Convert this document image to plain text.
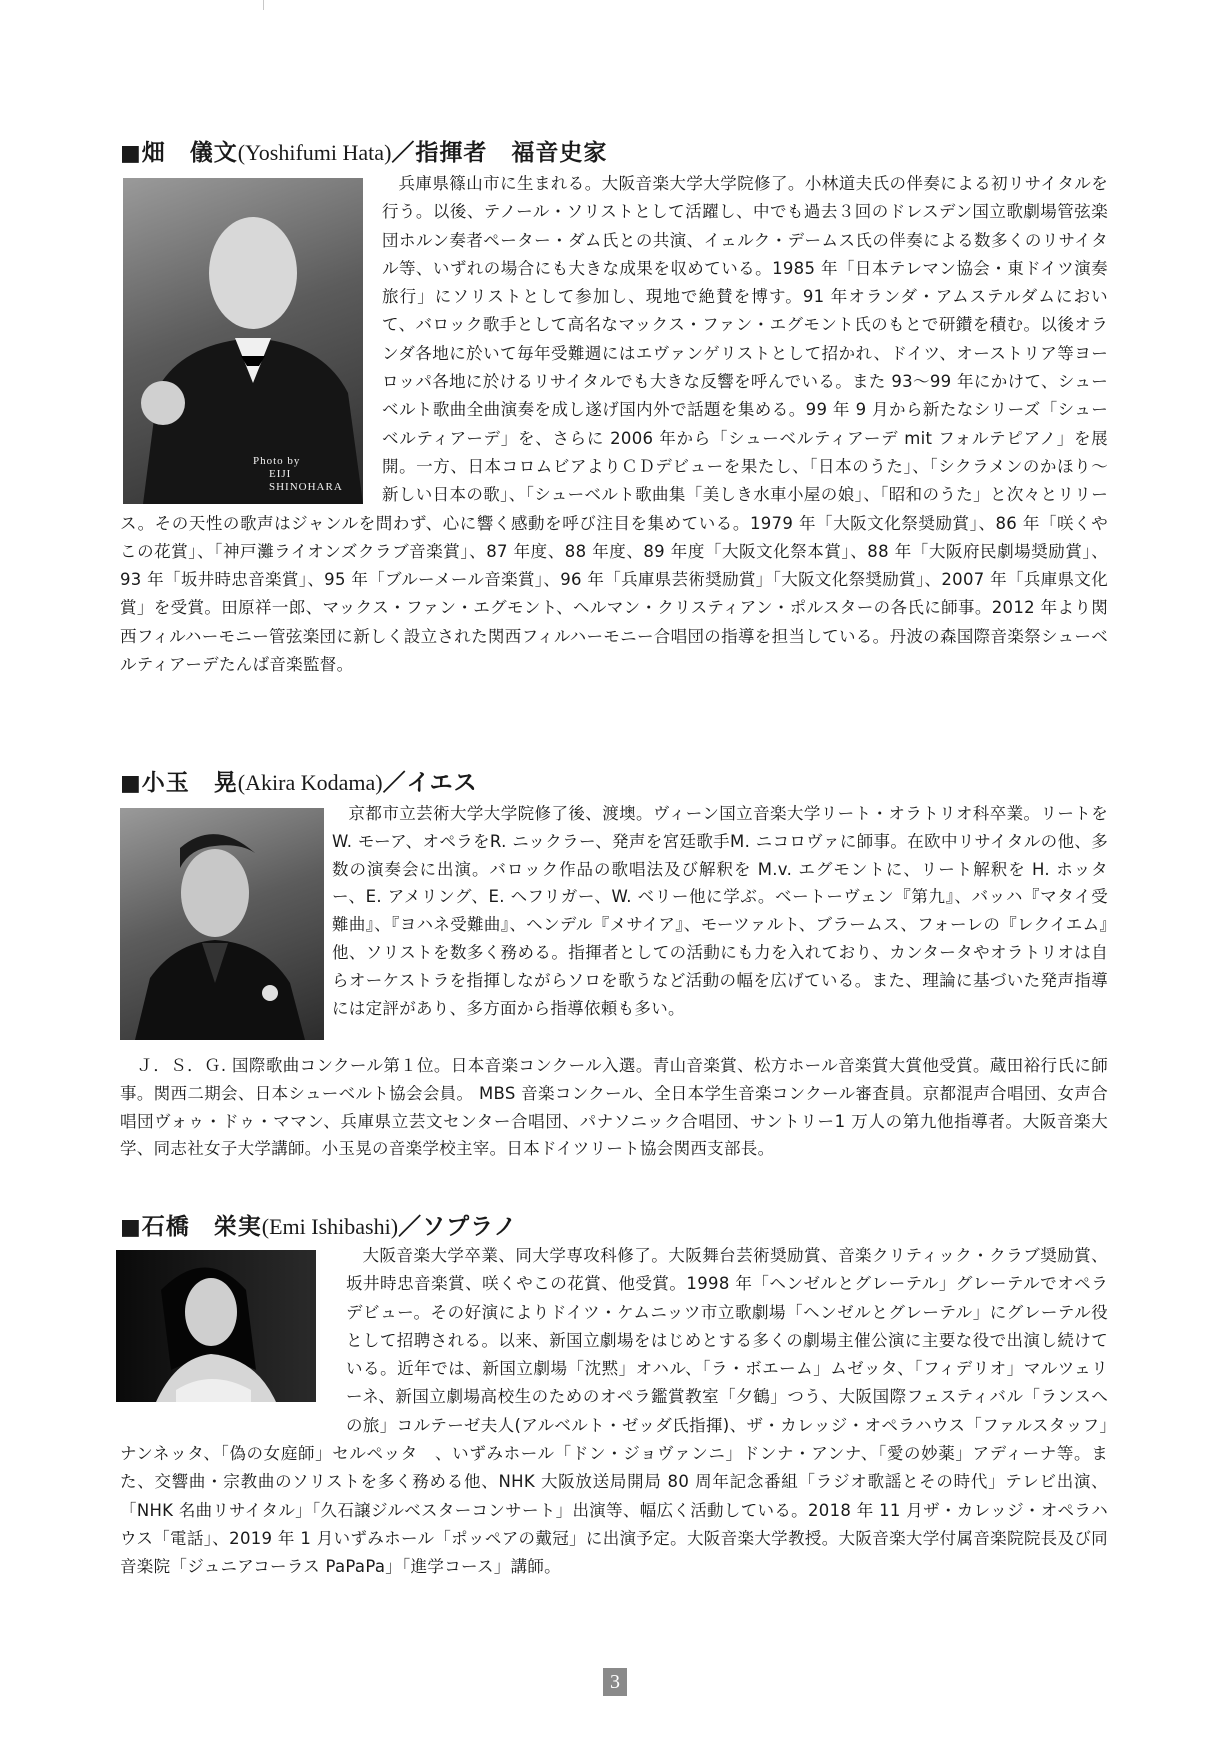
■畑　儀文(Yoshifumi Hata)／指揮者　福音史家
Photo by
EIJI SHINOHARA

兵庫県篠山市に生まれる。大阪音楽大学大学院修了。小林道夫氏の伴奏による初リサイタルを行う。以後、テノール・ソリストとして活躍し、中でも過去３回のドレスデン国立歌劇場管弦楽団ホルン奏者ペーター・ダム氏との共演、イェルク・デームス氏の伴奏による数多くのリサイタル等、いずれの場合にも大きな成果を収めている。1985 年「日本テレマン協会・東ドイツ演奏旅行」にソリストとして参加し、現地で絶賛を博す。91 年オランダ・アムステルダムにおいて、バロック歌手として高名なマックス・ファン・エグモント氏のもとで研鑚を積む。以後オランダ各地に於いて毎年受難週にはエヴァンゲリストとして招かれ、ドイツ、オーストリア等ヨーロッパ各地に於けるリサイタルでも大きな反響を呼んでいる。また 93～99 年にかけて、シューベルト歌曲全曲演奏を成し遂げ国内外で話題を集める。99 年 9 月から新たなシリーズ「シューベルティアーデ」を、さらに 2006 年から「シューベルティアーデ mit フォルテピアノ」を展開。一方、日本コロムビアよりＣＤデビューを果たし、「日本のうた」、「シクラメンのかほり～新しい日本の歌」、「シューベルト歌曲集「美しき水車小屋の娘」、「昭和のうた」と次々とリリース。その天性の歌声はジャンルを問わず、心に響く感動を呼び注目を集めている。1979 年「大阪文化祭奨励賞」、86 年「咲くやこの花賞」、「神戸灘ライオンズクラブ音楽賞」、87 年度、88 年度、89 年度「大阪文化祭本賞」、88 年「大阪府民劇場奨励賞」、93 年「坂井時忠音楽賞」、95 年「ブルーメール音楽賞」、96 年「兵庫県芸術奨励賞」「大阪文化祭奨励賞」、2007 年「兵庫県文化賞」を受賞。田原祥一郎、マックス・ファン・エグモント、ヘルマン・クリスティアン・ポルスターの各氏に師事。2012 年より関西フィルハーモニー管弦楽団に新しく設立された関西フィルハーモニー合唱団の指導を担当している。丹波の森国際音楽祭シューベルティアーデたんば音楽監督。

■小玉　晃(Akira Kodama)／イエス

京都市立芸術大学大学院修了後、渡墺。ヴィーン国立音楽大学リート・オラトリオ科卒業。リートをW. モーア、オペラをR. ニックラー、発声を宮廷歌手M. ニコロヴァに師事。在欧中リサイタルの他、多数の演奏会に出演。バロック作品の歌唱法及び解釈を M.v. エグモントに、リート解釈を H. ホッター、E. アメリング、E. ヘフリガー、W. ベリー他に学ぶ。ベートーヴェン『第九』、バッハ『マタイ受難曲』、『ヨハネ受難曲』、ヘンデル『メサイア』、モーツァルト、ブラームス、フォーレの『レクイエム』他、ソリストを数多く務める。指揮者としての活動にも力を入れており、カンタータやオラトリオは自らオーケストラを指揮しながらソロを歌うなど活動の幅を広げている。また、理論に基づいた発声指導には定評があり、多方面から指導依頼も多い。

Ｊ．Ｓ．Ｇ. 国際歌曲コンクール第１位。日本音楽コンクール入選。青山音楽賞、松方ホール音楽賞大賞他受賞。蔵田裕行氏に師事。関西二期会、日本シューベルト協会会員。 MBS 音楽コンクール、全日本学生音楽コンクール審査員。京都混声合唱団、女声合唱団ヴォゥ・ドゥ・ママン、兵庫県立芸文センター合唱団、パナソニック合唱団、サントリー1 万人の第九他指導者。大阪音楽大学、同志社女子大学講師。小玉晃の音楽学校主宰。日本ドイツリート協会関西支部長。

■石橋　栄実(Emi Ishibashi)／ソプラノ

大阪音楽大学卒業、同大学専攻科修了。大阪舞台芸術奨励賞、音楽クリティック・クラブ奨励賞、坂井時忠音楽賞、咲くやこの花賞、他受賞。1998 年「ヘンゼルとグレーテル」グレーテルでオペラデビュー。その好演によりドイツ・ケムニッツ市立歌劇場「ヘンゼルとグレーテル」にグレーテル役として招聘される。以来、新国立劇場をはじめとする多くの劇場主催公演に主要な役で出演し続けている。近年では、新国立劇場「沈黙」オハル、「ラ・ボエーム」ムゼッタ、「フィデリオ」マルツェリーネ、新国立劇場高校生のためのオペラ鑑賞教室「夕鶴」つう、大阪国際フェスティバル「ランスへの旅」コルテーゼ夫人(アルベルト・ゼッダ氏指揮)、ザ・カレッジ・オペラハウス「ファルスタッフ」ナンネッタ、「偽の女庭師」セルペッタ　、いずみホール「ドン・ジョヴァンニ」ドンナ・アンナ、「愛の妙薬」アディーナ等。また、交響曲・宗教曲のソリストを多く務める他、NHK 大阪放送局開局 80 周年記念番組「ラジオ歌謡とその時代」テレビ出演、「NHK 名曲リサイタル」「久石譲ジルベスターコンサート」出演等、幅広く活動している。2018 年 11 月ザ・カレッジ・オペラハウス「電話」、2019 年 1 月いずみホール「ポッペアの戴冠」に出演予定。大阪音楽大学教授。大阪音楽大学付属音楽院院長及び同音楽院「ジュニアコーラス PaPaPa」「進学コース」講師。

3
